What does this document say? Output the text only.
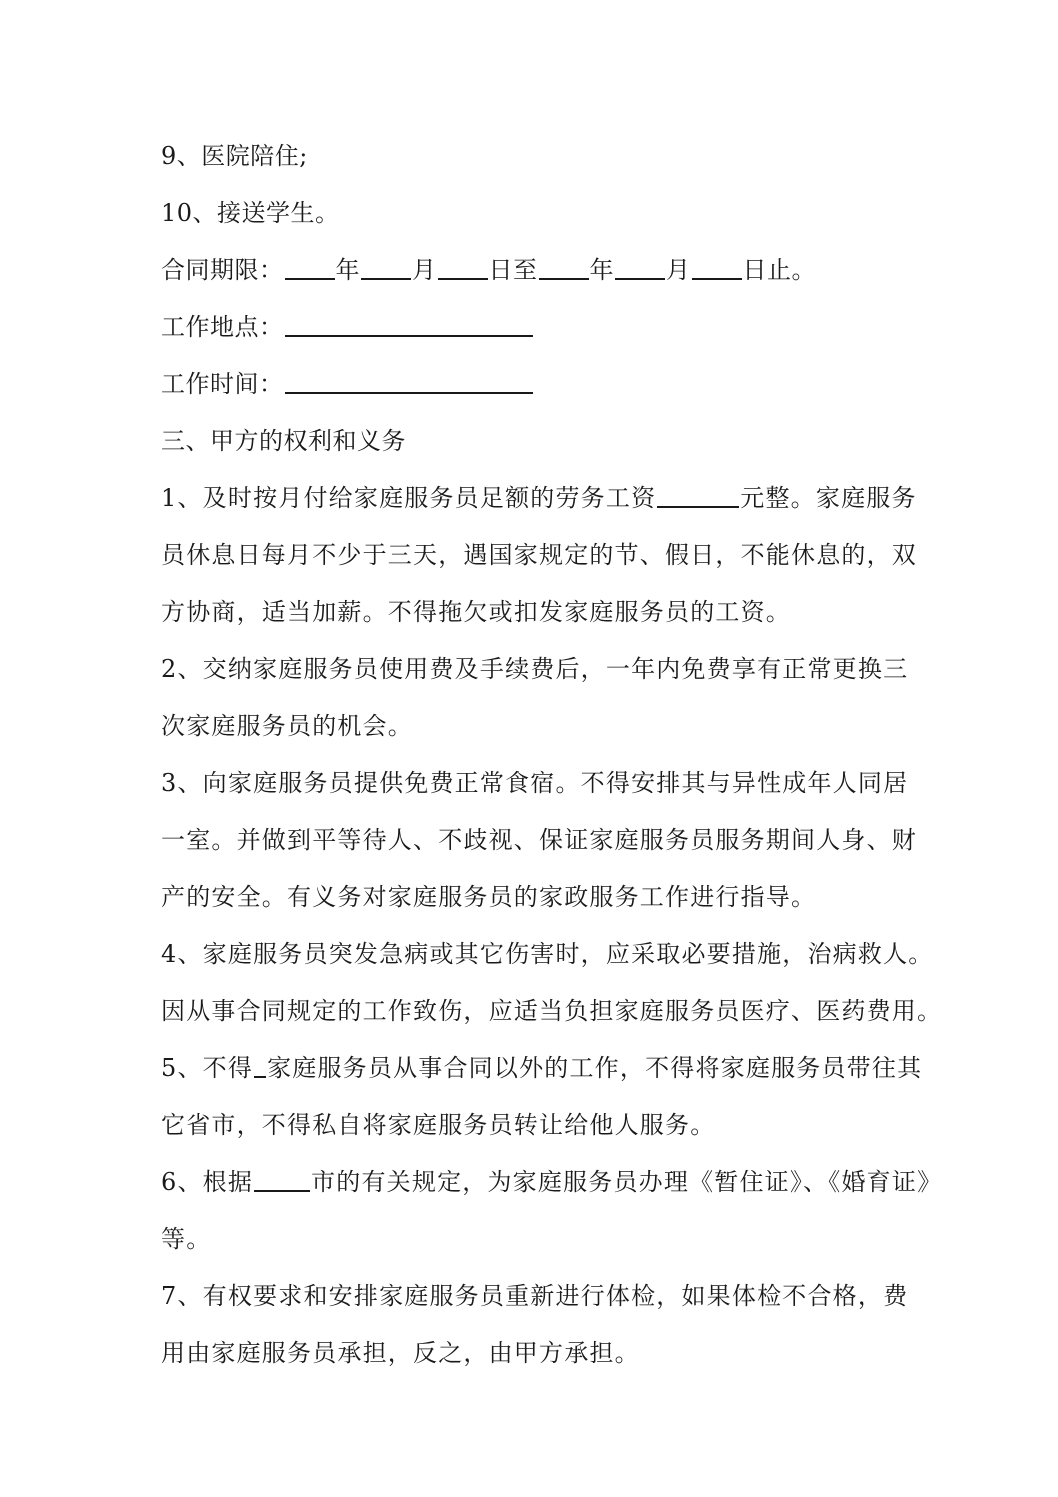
9、医院陪住;
10、接送学生。
合同期限： 年 月 日至 年 月 日止。
工作地点：
工作时间：
三、甲方的权利和义务
1、及时按月付给家庭服务员足额的劳务工资	元整。家庭服务
员休息日每月不少于三天，遇国家规定的节、假日，不能休息的，双
方协商，适当加薪。不得拖欠或扣发家庭服务员的工资。
2、交纳家庭服务员使用费及手续费后，一年内免费享有正常更换三
次家庭服务员的机会。
3、向家庭服务员提供免费正常食宿。不得安排其与异性成年人同居
一室。并做到平等待人、不歧视、保证家庭服务员服务期间人身、财
产的安全。有义务对家庭服务员的家政服务工作进行指导。
4、家庭服务员突发急病或其它伤害时，应采取必要措施，治病救人。
因从事合同规定的工作致伤，应适当负担家庭服务员医疗、医药费用。
5、不得 家庭服务员从事合同以外的工作，不得将家庭服务员带往其
它省市，不得私自将家庭服务员转让给他人服务。
6、根据 市的有关规定，为家庭服务员办理《暂住证》、《婚育证》
等。
7、有权要求和安排家庭服务员重新进行体检，如果体检不合格，费
用由家庭服务员承担，反之，由甲方承担。
